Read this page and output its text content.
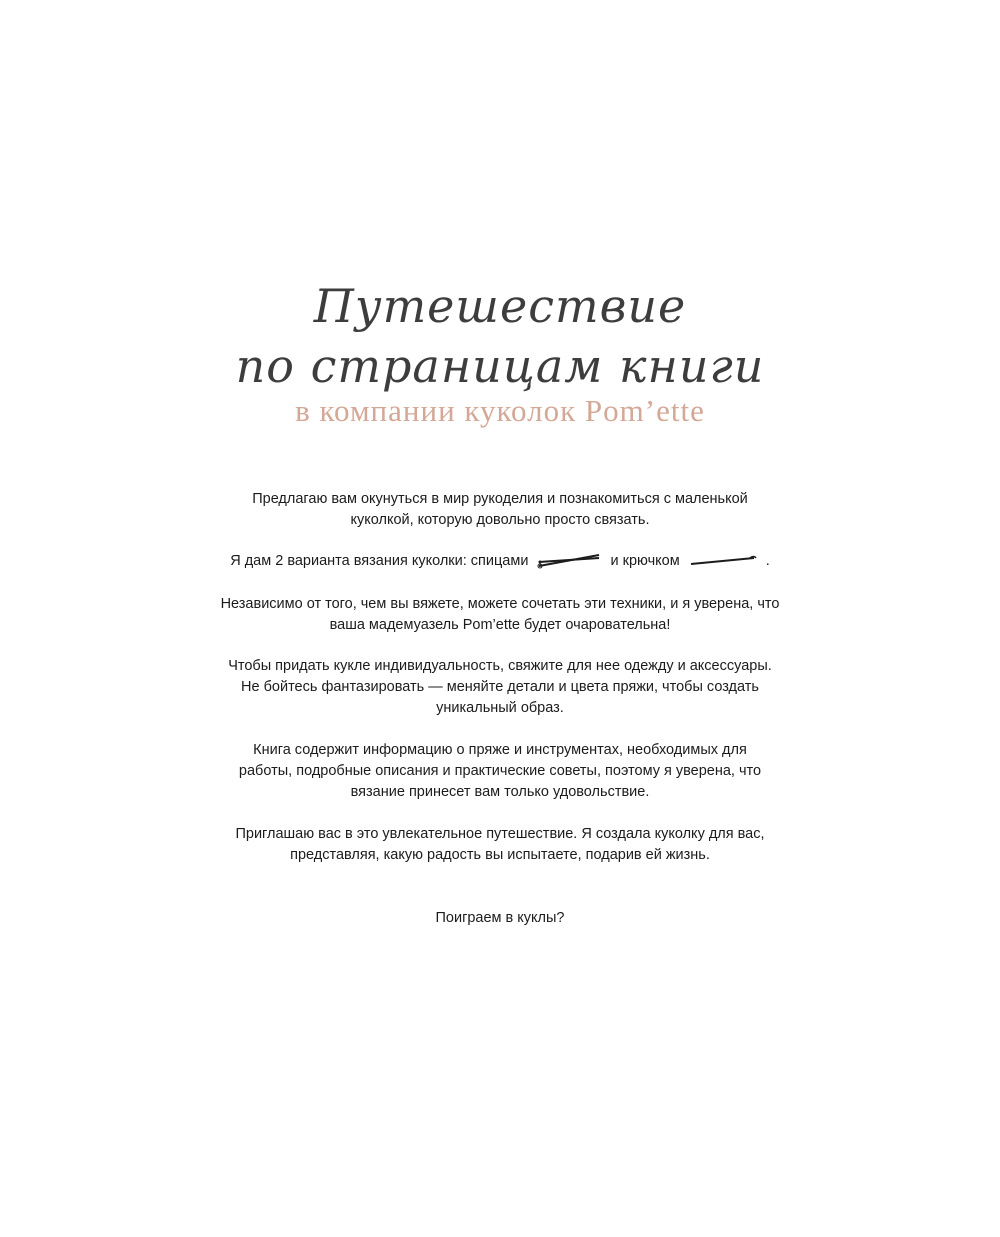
Путешествие
по страницам книги
в компании куколок Pom’ette
Предлагаю вам окунуться в мир рукоделия и познакомиться с маленькой
куколкой, которую довольно просто связать.
Я дам 2 варианта вязания куколки: спицами	и крючком	.
Независимо от того, чем вы вяжете, можете сочетать эти техники, и я уверена, что
ваша мадемуазель Pom’ette будет очаровательна!
Чтобы придать кукле индивидуальность, свяжите для нее одежду и аксессуары.
Не бойтесь фантазировать — меняйте детали и цвета пряжи, чтобы создать
уникальный образ.
Книга содержит информацию о пряже и инструментах, необходимых для
работы, подробные описания и практические советы, поэтому я уверена, что
вязание принесет вам только удовольствие.
Приглашаю вас в это увлекательное путешествие. Я создала куколку для вас,
представляя, какую радость вы испытаете, подарив ей жизнь.
Поиграем в куклы?
